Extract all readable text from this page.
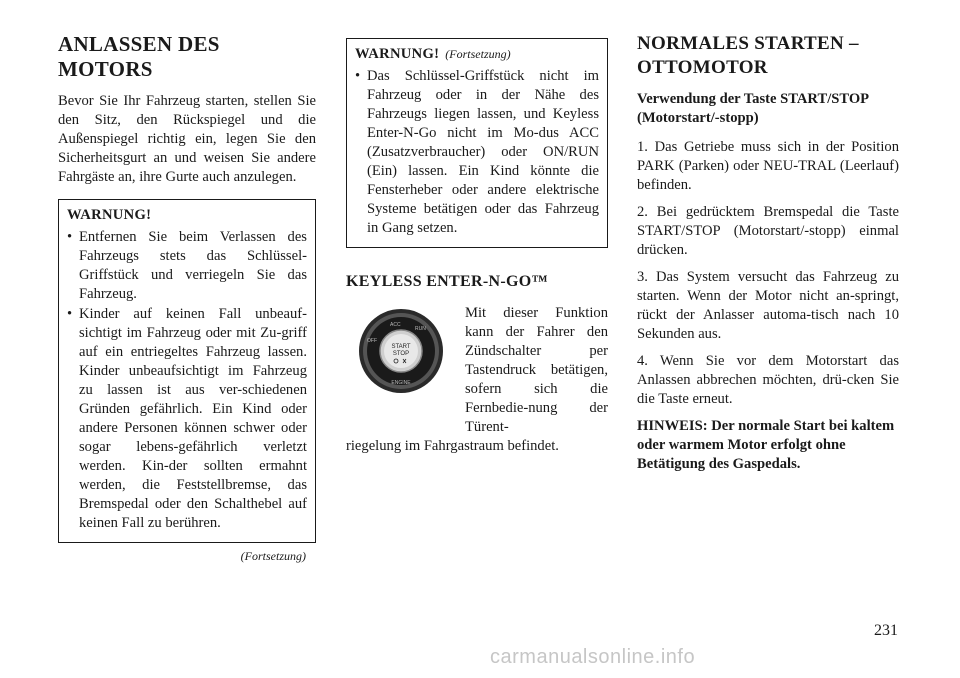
ANLASSEN DES MOTORS

Bevor Sie Ihr Fahrzeug starten, stellen Sie den Sitz, den Rückspiegel und die Außenspiegel richtig ein, legen Sie den Sicherheitsgurt an und weisen Sie andere Fahrgäste an, ihre Gurte auch anzulegen.

WARNUNG!
• Entfernen Sie beim Verlassen des Fahrzeugs stets das Schlüssel-Griffstück und verriegeln Sie das Fahrzeug.
• Kinder auf keinen Fall unbeauf-sichtigt im Fahrzeug oder mit Zu-griff auf ein entriegeltes Fahrzeug lassen. Kinder unbeaufsichtigt im Fahrzeug zu lassen ist aus ver-schiedenen Gründen gefährlich. Ein Kind oder andere Personen können schwer oder sogar lebens-gefährlich verletzt werden. Kin-der sollten ermahnt werden, die Feststellbremse, das Bremspedal oder den Schalthebel auf keinen Fall zu berühren.
(Fortsetzung)
WARNUNG! (Fortsetzung)
• Das Schlüssel-Griffstück nicht im Fahrzeug oder in der Nähe des Fahrzeugs liegen lassen, und Keyless Enter-N-Go nicht im Mo-dus ACC (Zusatzverbraucher) oder ON/RUN (Ein) lassen. Ein Kind könnte die Fensterheber oder andere elektrische Systeme betätigen oder das Fahrzeug in Gang setzen.
KEYLESS ENTER-N-GO™
START
STOP
ACC
RUN
OFF
ENGINE
Mit dieser Funktion kann der Fahrer den Zündschalter per Tastendruck betätigen, sofern sich die Fernbedie-nung der Türent-
riegelung im Fahrgastraum befindet.
NORMALES STARTEN – OTTOMOTOR
Verwendung der Taste START/STOP (Motorstart/-stopp)

1. Das Getriebe muss sich in der Position PARK (Parken) oder NEU-TRAL (Leerlauf) befinden.

2. Bei gedrücktem Bremspedal die Taste START/STOP (Motorstart/-stopp) einmal drücken.

3. Das System versucht das Fahrzeug zu starten. Wenn der Motor nicht an-springt, rückt der Anlasser automa-tisch nach 10 Sekunden aus.

4. Wenn Sie vor dem Motorstart das Anlassen abbrechen möchten, drü-cken Sie die Taste erneut.

HINWEIS: Der normale Start bei kaltem oder warmem Motor erfolgt ohne Betätigung des Gaspedals.

231
carmanualsonline.info
